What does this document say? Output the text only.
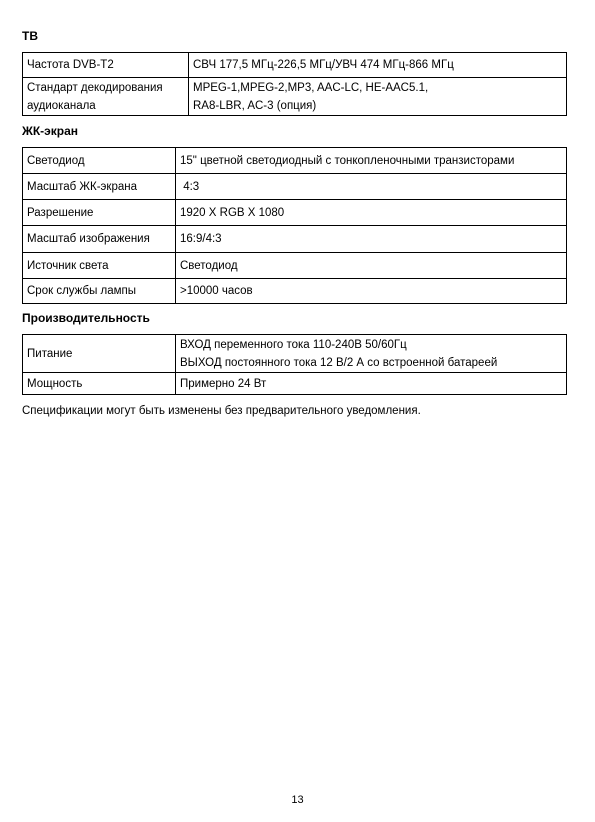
ТВ
Частота DVB-T2	СВЧ 177,5 МГц-226,5 МГц/УВЧ 474 МГц-866 МГц

Стандарт декодирования
аудиоканала	MPEG-1,MPEG-2,MP3, AAC-LC, HE-AAC5.1,
RA8-LBR, AC-3 (опция)
ЖК-экран
Светодиод	15" цветной светодиодный с тонкопленочными транзисторами
Масштаб ЖК-экрана	4:3
Разрешение	1920 X RGB X 1080
Масштаб изображения	16:9/4:3
Источник света	Светодиод
Срок службы лампы	>10000 часов
Производительность
Питание	ВХОД переменного тока 110-240В 50/60Гц
ВЫХОД постоянного тока 12 В/2 А со встроенной батареей

Мощность	Примерно 24 Вт

Спецификации могут быть изменены без предварительного уведомления.

13
